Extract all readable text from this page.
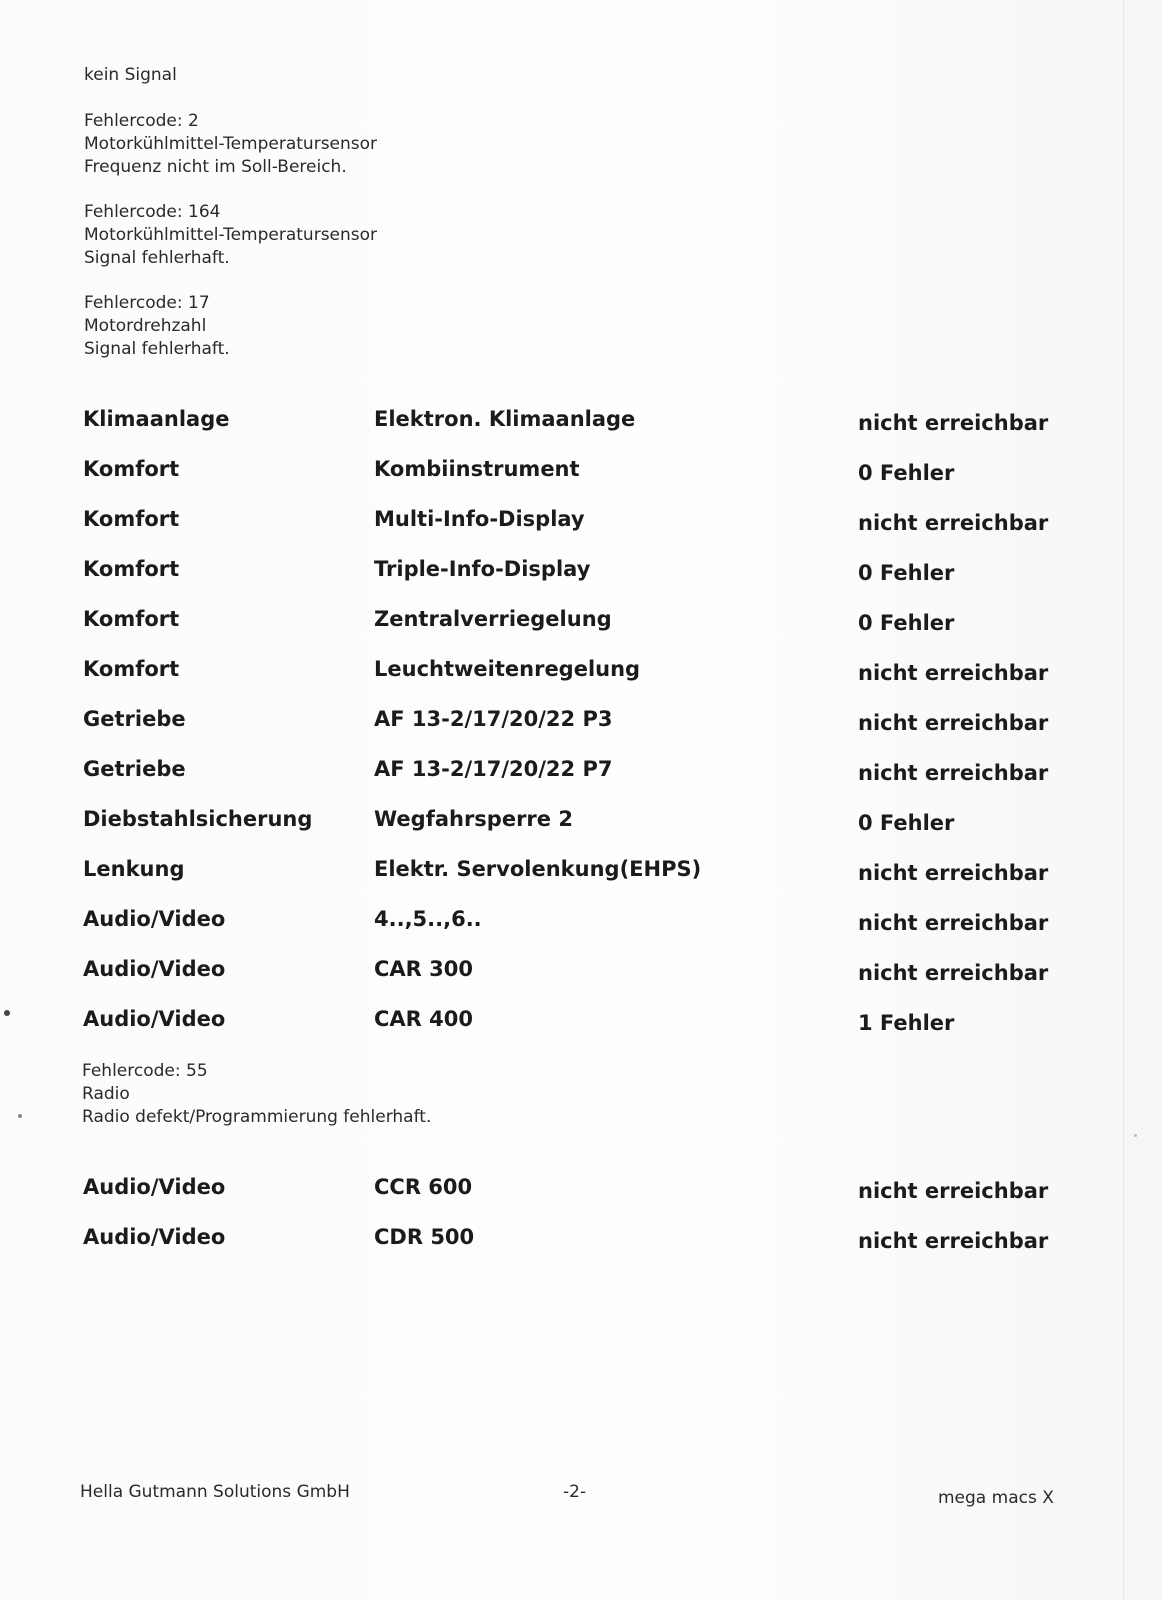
kein Signal
Fehlercode: 2
Motorkühlmittel-Temperatursensor
Frequenz nicht im Soll-Bereich.
Fehlercode: 164
Motorkühlmittel-Temperatursensor
Signal fehlerhaft.
Fehlercode: 17
Motordrehzahl
Signal fehlerhaft.
Klimaanlage	Elektron. Klimaanlage	nicht erreichbar
Komfort	Kombiinstrument	0 Fehler
Komfort	Multi-Info-Display	nicht erreichbar
Komfort	Triple-Info-Display	0 Fehler
Komfort	Zentralverriegelung	0 Fehler
Komfort	Leuchtweitenregelung	nicht erreichbar
Getriebe	AF 13-2/17/20/22 P3	nicht erreichbar
Getriebe	AF 13-2/17/20/22 P7	nicht erreichbar
Diebstahlsicherung	Wegfahrsperre 2	0 Fehler
Lenkung	Elektr. Servolenkung(EHPS)	nicht erreichbar
Audio/Video	4..,5..,6..	nicht erreichbar
Audio/Video	CAR 300	nicht erreichbar
Audio/Video	CAR 400	1 Fehler
Fehlercode: 55
Radio
Radio defekt/Programmierung fehlerhaft.
Audio/Video	CCR 600	nicht erreichbar
Audio/Video	CDR 500	nicht erreichbar
Hella Gutmann Solutions GmbH	-2-	mega macs X
